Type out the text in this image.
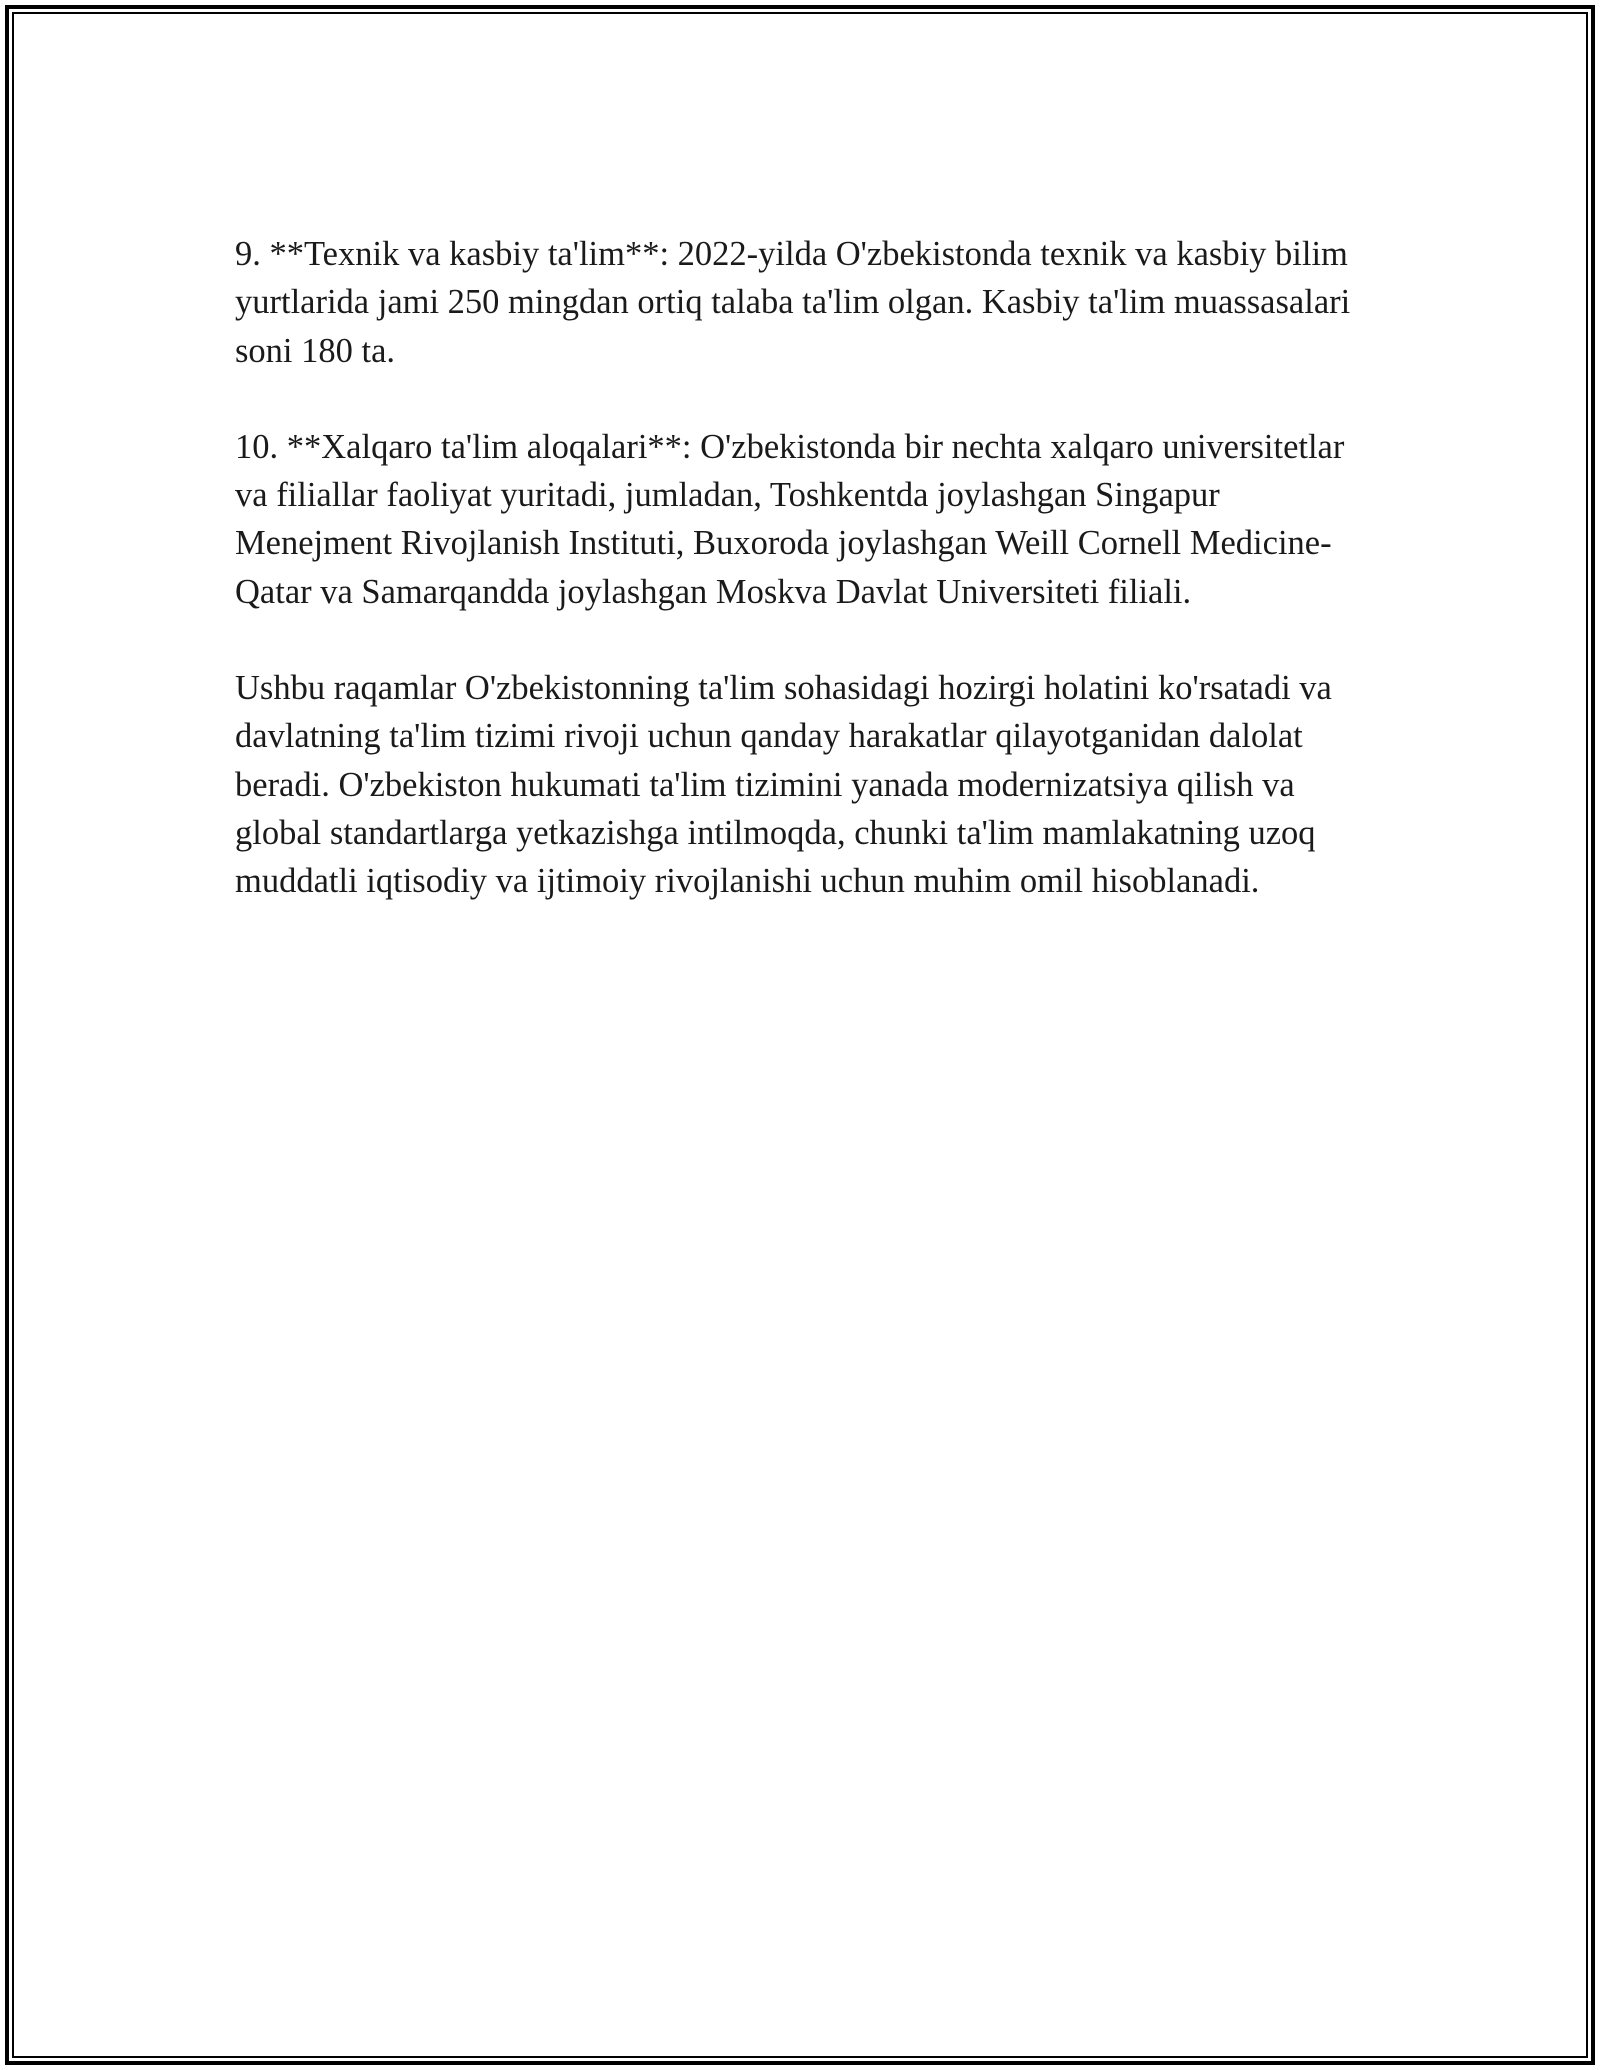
9. **Texnik va kasbiy ta'lim**: 2022-yilda O'zbekistonda texnik va kasbiy bilim yurtlarida jami 250 mingdan ortiq talaba ta'lim olgan. Kasbiy ta'lim muassasalari soni 180 ta.

10. **Xalqaro ta'lim aloqalari**: O'zbekistonda bir nechta xalqaro universitetlar va filiallar faoliyat yuritadi, jumladan, Toshkentda joylashgan Singapur Menejment Rivojlanish Instituti, Buxoroda joylashgan Weill Cornell Medicine-Qatar va Samarqandda joylashgan Moskva Davlat Universiteti filiali.

Ushbu raqamlar O'zbekistonning ta'lim sohasidagi hozirgi holatini ko'rsatadi va davlatning ta'lim tizimi rivoji uchun qanday harakatlar qilayotganidan dalolat beradi. O'zbekiston hukumati ta'lim tizimini yanada modernizatsiya qilish va global standartlarga yetkazishga intilmoqda, chunki ta'lim mamlakatning uzoq muddatli iqtisodiy va ijtimoiy rivojlanishi uchun muhim omil hisoblanadi.
